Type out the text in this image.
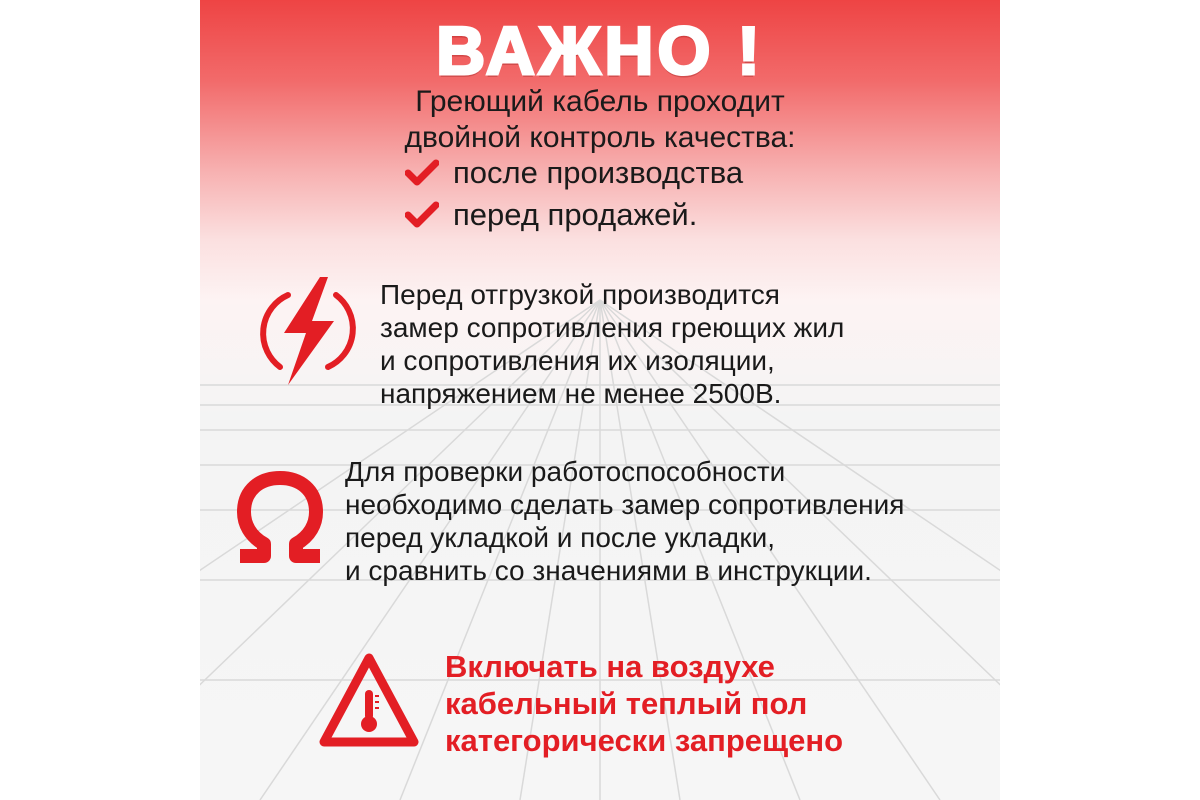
ВАЖНО !
Греющий кабель проходит
двойной контроль качества:
после производства
перед продажей.
Перед отгрузкой производится
замер сопротивления греющих жил
и сопротивления их изоляции,
напряжением не менее 2500В.
Для проверки работоспособности
необходимо сделать замер сопротивления
перед укладкой и после укладки,
и сравнить со значениями в инструкции.
Включать на воздухе
кабельный теплый пол
категорически запрещено
